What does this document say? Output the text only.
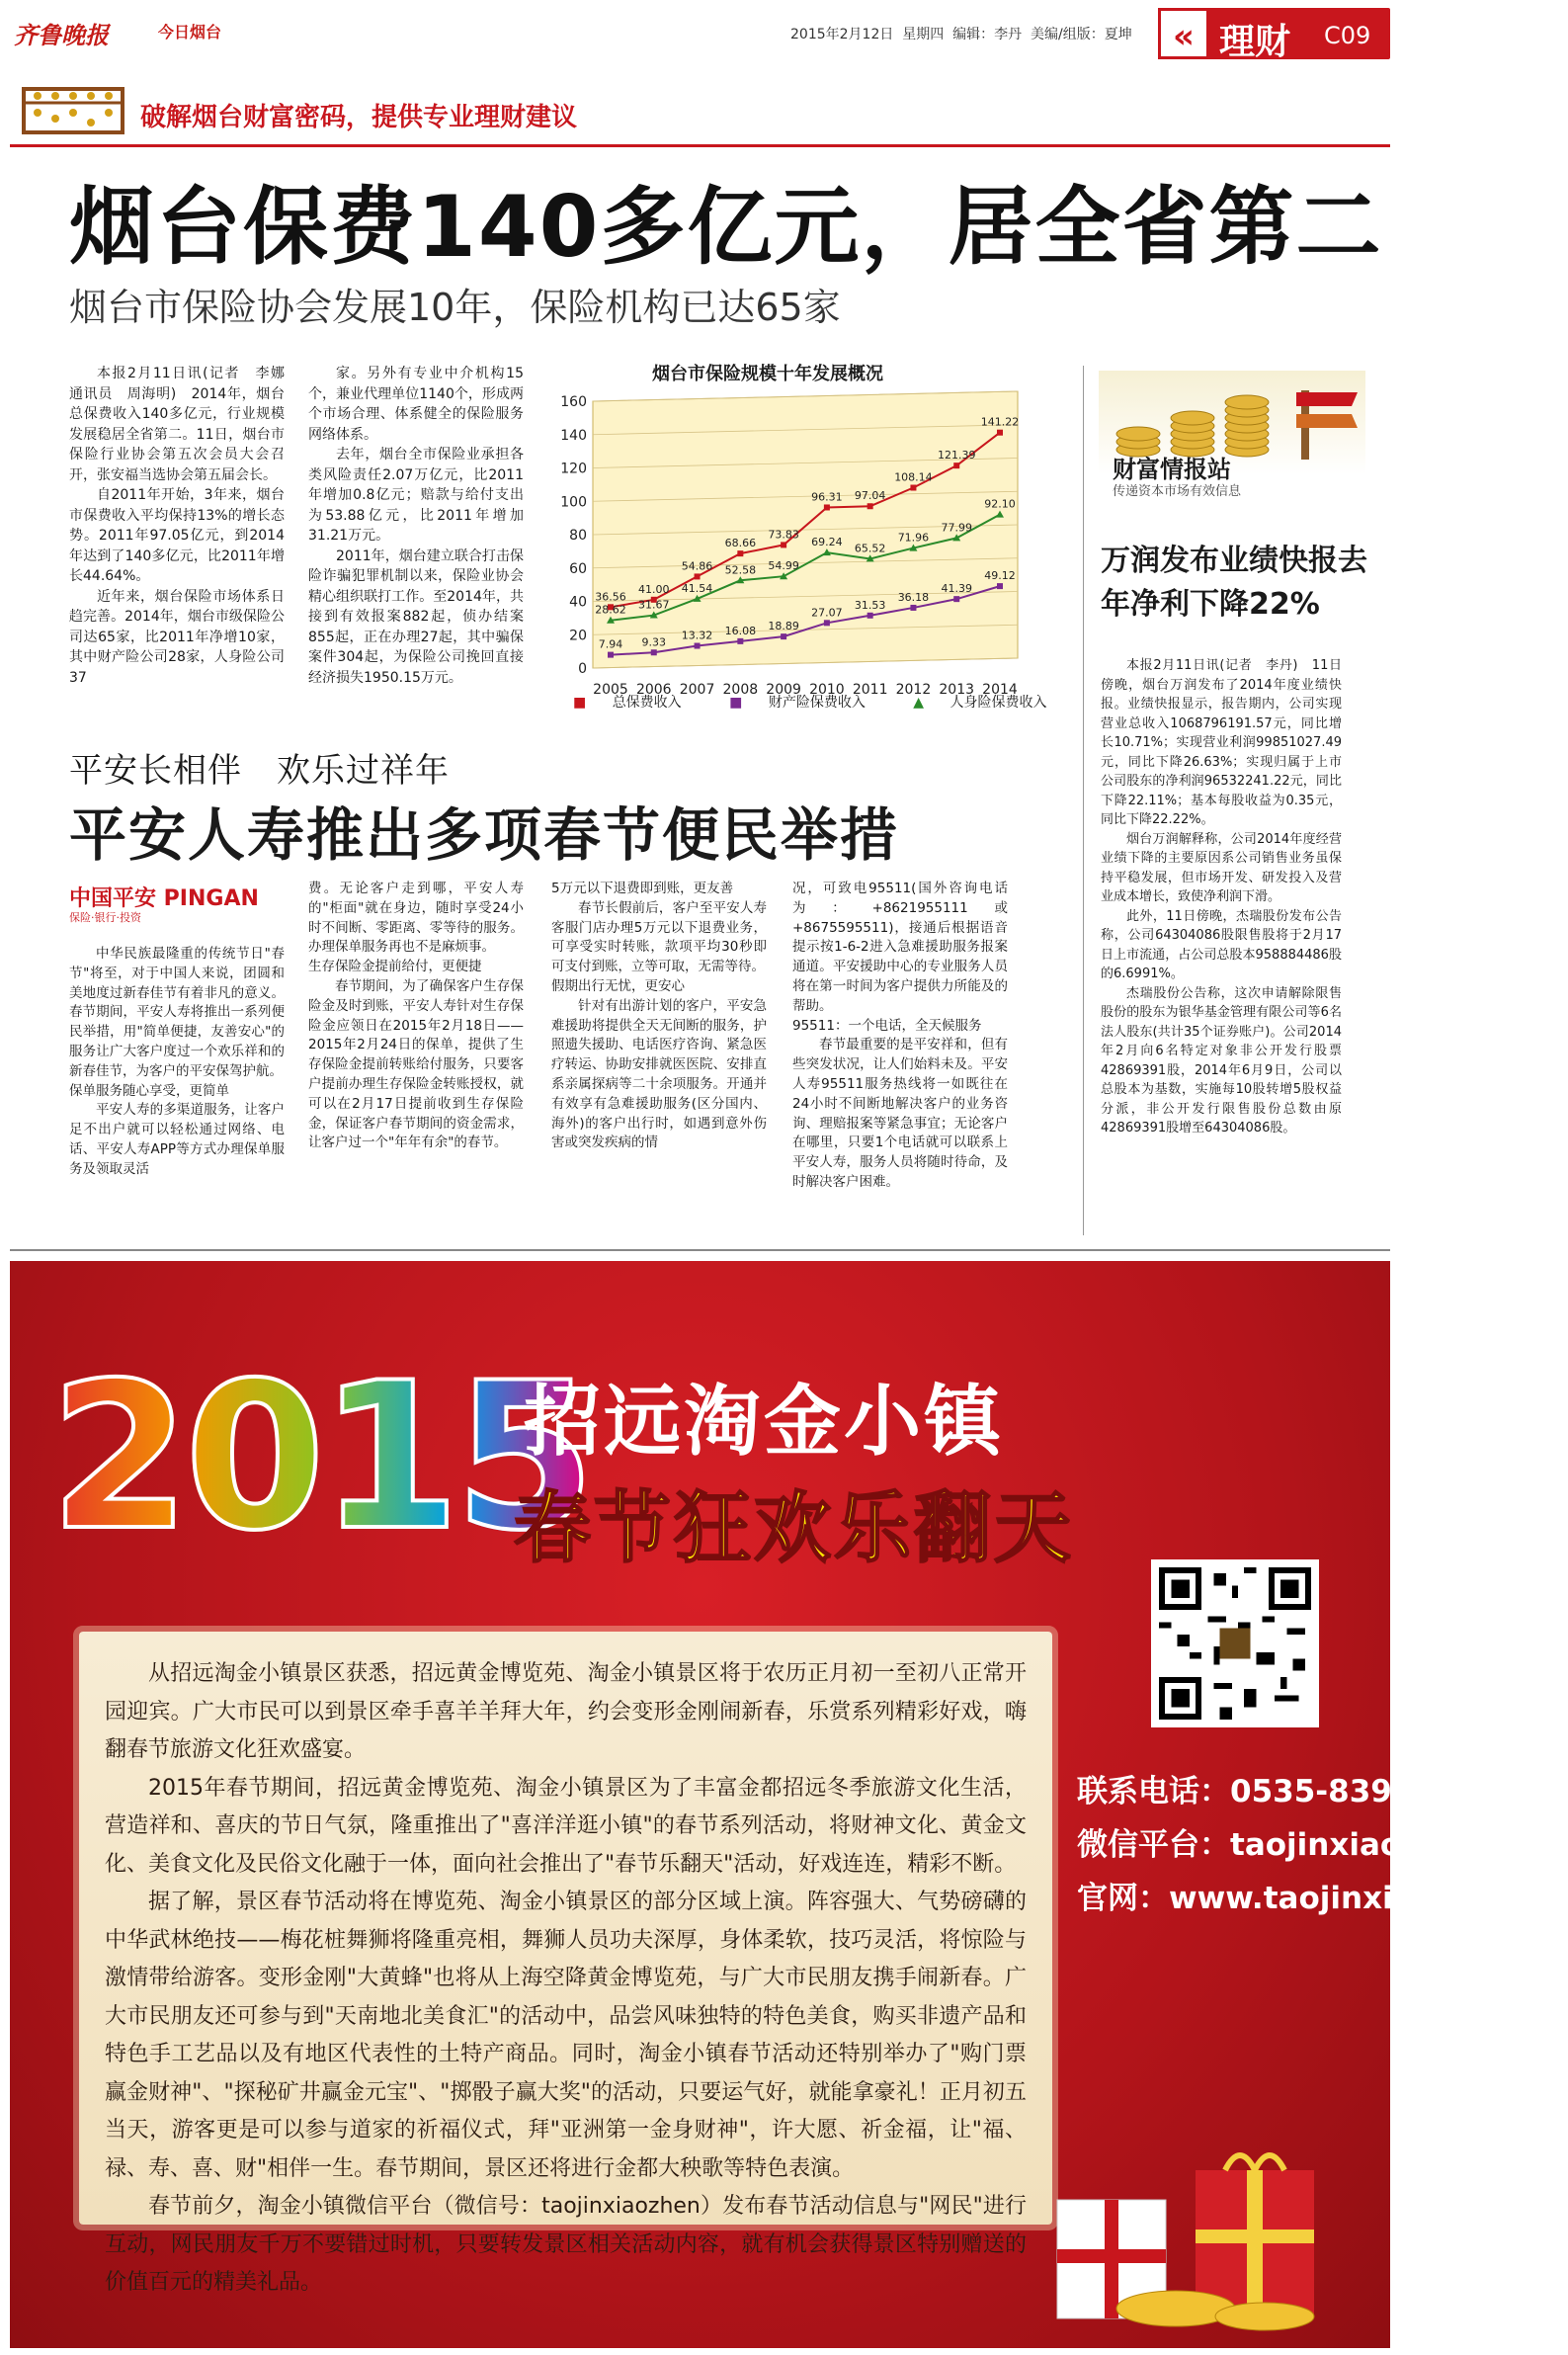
齐鲁晚报	今日烟台	2015年2月12日  星期四  编辑：李丹  美编/组版：夏坤	« 理财 C09
破解烟台财富密码，提供专业理财建议
烟台保费140多亿元，居全省第二
烟台市保险协会发展10年，保险机构已达65家

本报2月11日讯(记者　李娜　通讯员　周海明)　2014年，烟台总保费收入140多亿元，行业规模发展稳居全省第二。11日，烟台市保险行业协会第五次会员大会召开，张安福当选协会第五届会长。

自2011年开始，3年来，烟台市保费收入平均保持13%的增长态势。2011年97.05亿元，到2014年达到了140多亿元，比2011年增长44.64%。

近年来，烟台保险市场体系日趋完善。2014年，烟台市级保险公司达65家，比2011年净增10家，其中财产险公司28家，人身险公司37

家。另外有专业中介机构15个，兼业代理单位1140个，形成两个市场合理、体系健全的保险服务网络体系。

去年，烟台全市保险业承担各类风险责任2.07万亿元，比2011年增加0.8亿元；赔款与给付支出为53.88亿元，比2011年增加31.21万元。

2011年，烟台建立联合打击保险诈骗犯罪机制以来，保险业协会精心组织联打工作。至2014年，共接到有效报案882起，侦办结案855起，正在办理27起，其中骗保案件304起，为保险公司挽回直接经济损失1950.15万元。

烟台市保险规模十年发展概况
0
20
40
60
80
100
120
140
160
2005 2006 2007 2008 2009 2010 2011 2012 2013 2014
36.56
41.00
54.86
68.66
73.83
96.31 97.04
108.14
121.39
141.22
7.94 9.33
13.32 16.08 18.89
27.07
31.53
36.18
41.39
49.12
28.62 31.67
41.54
52.58 54.99
69.24 65.52
71.96
77.99
92.10
■ 总保费收入	■ 财产险保费收入	▲ 人身险保费收入
财富情报站
传递资本市场有效信息
万润发布业绩快报去年净利下降22%

本报2月11日讯(记者　李丹)　11日傍晚，烟台万润发布了2014年度业绩快报。业绩快报显示，报告期内，公司实现营业总收入1068796191.57元，同比增长10.71%；实现营业利润99851027.49元，同比下降26.63%；实现归属于上市公司股东的净利润96532241.22元，同比下降22.11%；基本每股收益为0.35元，同比下降22.22%。

烟台万润解释称，公司2014年度经营业绩下降的主要原因系公司销售业务虽保持平稳发展，但市场开发、研发投入及营业成本增长，致使净利润下滑。

此外，11日傍晚，杰瑞股份发布公告称，公司64304086股限售股将于2月17日上市流通，占公司总股本958884486股的6.6991%。

杰瑞股份公告称，这次申请解除限售股份的股东为银华基金管理有限公司等6名法人股东(共计35个证券账户)。公司2014年2月向6名特定对象非公开发行股票42869391股，2014年6月9日，公司以总股本为基数，实施每10股转增5股权益分派，非公开发行限售股份总数由原42869391股增至64304086股。

平安长相伴　欢乐过祥年
平安人寿推出多项春节便民举措
中国平安 PINGAN
保险·银行·投资

中华民族最隆重的传统节日"春节"将至，对于中国人来说，团圆和美地度过新春佳节有着非凡的意义。春节期间，平安人寿将推出一系列便民举措，用"简单便捷，友善安心"的服务让广大客户度过一个欢乐祥和的新春佳节，为客户的平安保驾护航。

保单服务随心享受，更简单

平安人寿的多渠道服务，让客户足不出户就可以轻松通过网络、电话、平安人寿APP等方式办理保单服务及领取灵活

费。无论客户走到哪，平安人寿的"柜面"就在身边，随时享受24小时不间断、零距离、零等待的服务。办理保单服务再也不是麻烦事。

生存保险金提前给付，更便捷

春节期间，为了确保客户生存保险金及时到账，平安人寿针对生存保险金应领日在2015年2月18日——2015年2月24日的保单，提供了生存保险金提前转账给付服务，只要客户提前办理生存保险金转账授权，就可以在2月17日提前收到生存保险金，保证客户春节期间的资金需求，让客户过一个"年年有余"的春节。

5万元以下退费即到账，更友善

春节长假前后，客户至平安人寿客服门店办理5万元以下退费业务，可享受实时转账，款项平均30秒即可支付到账，立等可取，无需等待。

假期出行无忧，更安心

针对有出游计划的客户，平安急难援助将提供全天无间断的服务，护照遗失援助、电话医疗咨询、紧急医疗转运、协助安排就医医院、安排直系亲属探病等二十余项服务。开通并有效享有急难援助服务(区分国内、海外)的客户出行时，如遇到意外伤害或突发疾病的情

况，可致电95511(国外咨询电话为：+8621955111或+8675595511)，接通后根据语音提示按1-6-2进入急难援助服务报案通道。平安援助中心的专业服务人员将在第一时间为客户提供力所能及的帮助。

95511：一个电话，全天候服务

春节最重要的是平安祥和，但有些突发状况，让人们始料未及。平安人寿95511服务热线将一如既往在24小时不间断地解决客户的业务咨询、理赔报案等紧急事宜；无论客户在哪里，只要1个电话就可以联系上平安人寿，服务人员将随时待命，及时解决客户困难。

2015
招远淘金小镇
春节狂欢乐翻天
联系电话：0535-8391799
微信平台：taojinxiaozhen
官网：www.taojinxiaozhen.cn

从招远淘金小镇景区获悉，招远黄金博览苑、淘金小镇景区将于农历正月初一至初八正常开园迎宾。广大市民可以到景区牵手喜羊羊拜大年，约会变形金刚闹新春，乐赏系列精彩好戏，嗨翻春节旅游文化狂欢盛宴。

2015年春节期间，招远黄金博览苑、淘金小镇景区为了丰富金都招远冬季旅游文化生活，营造祥和、喜庆的节日气氛，隆重推出了"喜洋洋逛小镇"的春节系列活动，将财神文化、黄金文化、美食文化及民俗文化融于一体，面向社会推出了"春节乐翻天"活动，好戏连连，精彩不断。

据了解，景区春节活动将在博览苑、淘金小镇景区的部分区域上演。阵容强大、气势磅礴的中华武林绝技——梅花桩舞狮将隆重亮相，舞狮人员功夫深厚，身体柔软，技巧灵活，将惊险与激情带给游客。变形金刚"大黄蜂"也将从上海空降黄金博览苑，与广大市民朋友携手闹新春。广大市民朋友还可参与到"天南地北美食汇"的活动中，品尝风味独特的特色美食，购买非遗产品和特色手工艺品以及有地区代表性的土特产商品。同时，淘金小镇春节活动还特别举办了"购门票赢金财神"、"探秘矿井赢金元宝"、"掷骰子赢大奖"的活动，只要运气好，就能拿豪礼！正月初五当天，游客更是可以参与道家的祈福仪式，拜"亚洲第一金身财神"，许大愿、祈金福，让"福、禄、寿、喜、财"相伴一生。春节期间，景区还将进行金都大秧歌等特色表演。

春节前夕，淘金小镇微信平台（微信号：taojinxiaozhen）发布春节活动信息与"网民"进行互动，网民朋友千万不要错过时机，只要转发景区相关活动内容，就有机会获得景区特别赠送的价值百元的精美礼品。
